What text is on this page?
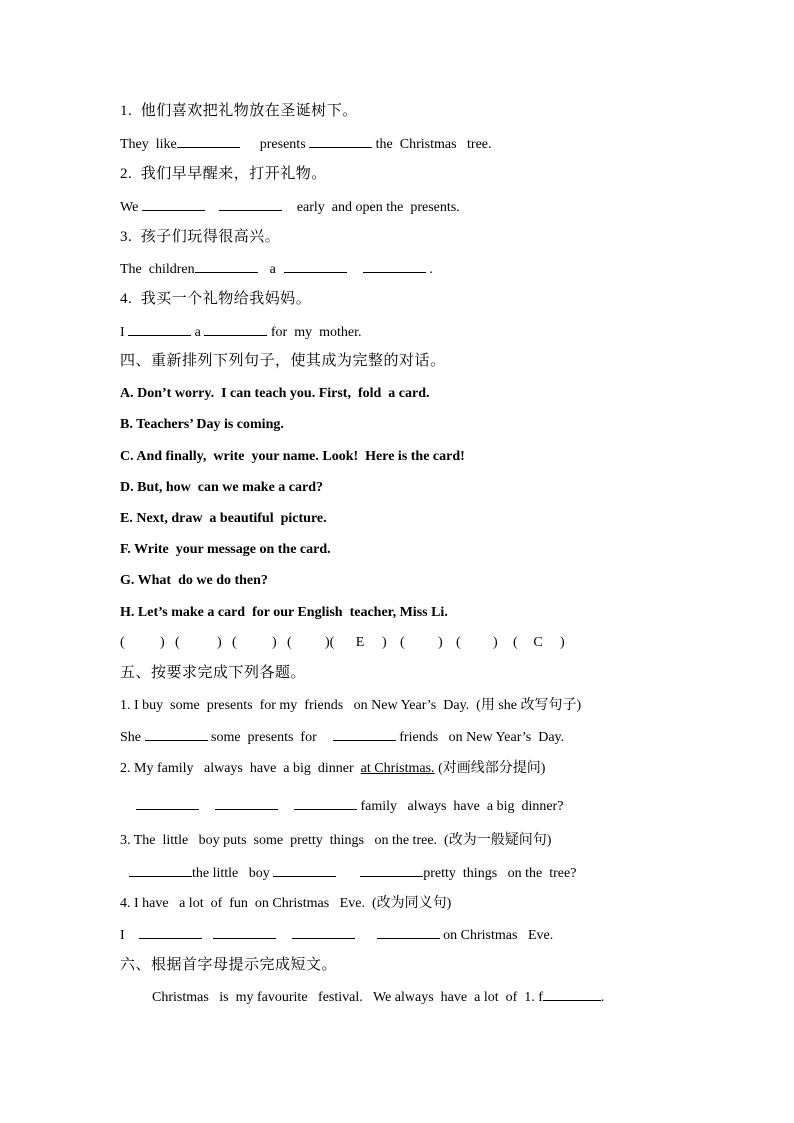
1.  他们喜欢把礼物放在圣诞树下。
They  like	presents	the  Christmas   tree.
2.  我们早早醒来，打开礼物。
We	early  and open the  presents.
3.  孩子们玩得很高兴。
The  children	a	.
4.  我买一个礼物给我妈妈。
I	a	for  my  mother.
四、重新排列下列句子，使其成为完整的对话。
A. Don’t worry.  I can teach you. First,  fold  a card.
B. Teachers’ Day is coming.
C. And finally,  write  your name. Look!  Here is the card!
D. But, how  can we make a card?
E. Next, draw  a beautiful  picture.
F. Write  your message on the card.
G. What  do we do then?
H. Let’s make a card  for our English  teacher, Miss Li.
(	) (	) (	) ( )(	E	) ( ) ( ) (	C	)
五、按要求完成下列各题。
1. I buy  some  presents  for my  friends   on New Year’s  Day.  (用 she 改写句子)
She	some  presents  for	friends   on New Year’s  Day.
2. My family   always  have  a big  dinner at Christmas. (对画线部分提问)
family   always  have  a big  dinner?
3. The  little   boy puts  some  pretty  things   on the tree.  (改为一般疑问句)
the little   boy	pretty  things   on the  tree?
4. I have   a lot  of  fun  on Christmas   Eve.  (改为同义句)
I	on Christmas   Eve.
六、根据首字母提示完成短文。
Christmas   is  my favourite   festival.   We always  have  a lot  of  1. f	.
